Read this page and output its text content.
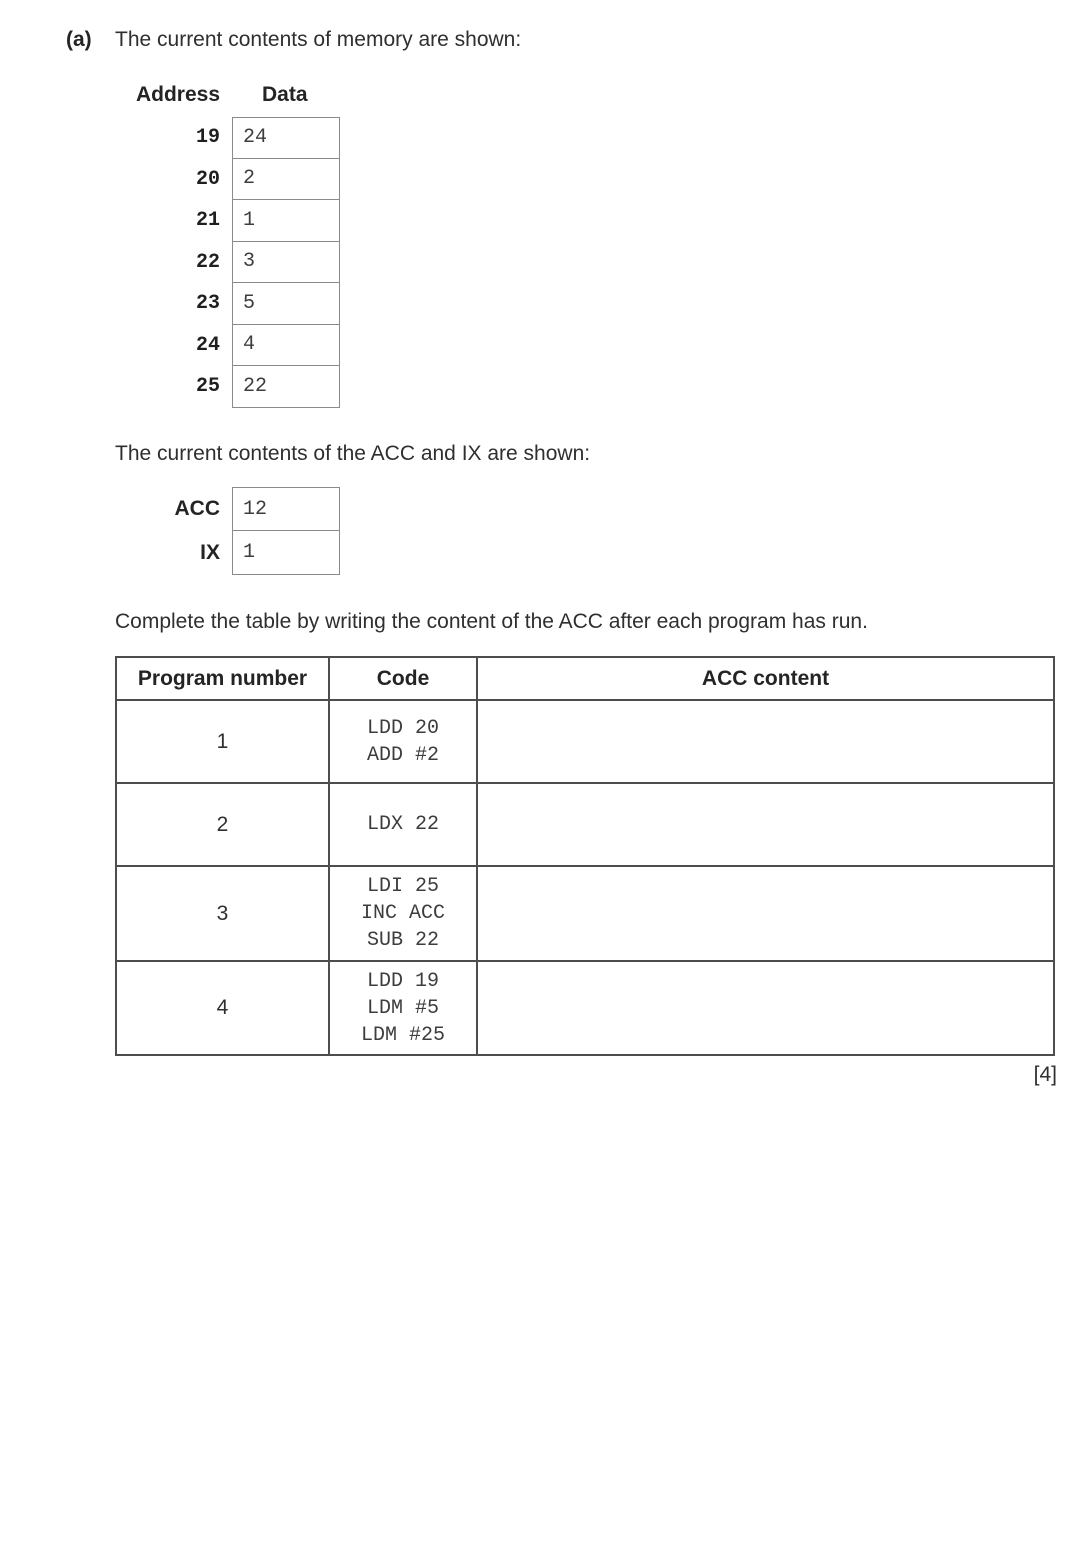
(a) The current contents of memory are shown:
Address	Data
19	24
20	2
21	1
22	3
23	5
24	4
25	22
The current contents of the ACC and IX are shown:
ACC	12
IX	1
Complete the table by writing the content of the ACC after each program has run.
Program number	Code	ACC content
1	LDD 20
ADD #2	

2	LDX 22	

3	LDI 25
INC ACC
SUB 22	

4	LDD 19
LDM #5
LDM #25	

[4]
